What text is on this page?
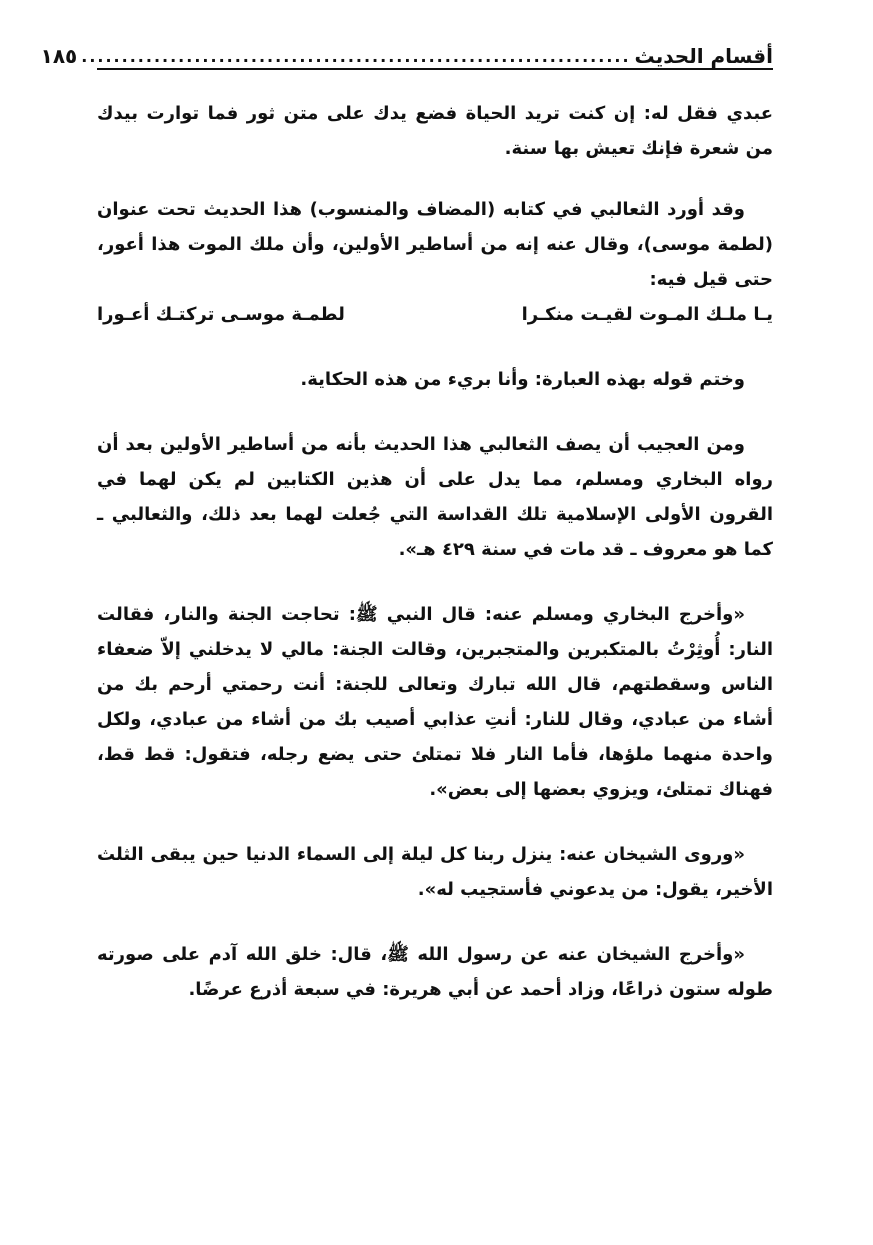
أقسام الحديث
....................................................................
١٨٥

عبدي فقل له: إن كنت تريد الحياة فضع يدك على متن ثور فما توارت بيدك من شعرة فإنك تعيش بها سنة.

وقد أورد الثعالبي في كتابه (المضاف والمنسوب) هذا الحديث تحت عنوان (لطمة موسى)، وقال عنه إنه من أساطير الأولين، وأن ملك الموت هذا أعور، حتى قيل فيه:

يـا ملـك المـوت لقيـت منكـرا
لطمـة موسـى تركتـك أعـورا

وختم قوله بهذه العبارة: وأنا بريء من هذه الحكاية.

ومن العجيب أن يصف الثعالبي هذا الحديث بأنه من أساطير الأولين بعد أن رواه البخاري ومسلم، مما يدل على أن هذين الكتابين لم يكن لهما في القرون الأولى الإسلامية تلك القداسة التي جُعلت لهما بعد ذلك، والثعالبي ـ كما هو معروف ـ قد مات في سنة ٤٢٩ هـ».

«وأخرج البخاري ومسلم عنه: قال النبي ﷺ: تحاجت الجنة والنار، فقالت النار: أُوثِرْتُ بالمتكبرين والمتجبرين، وقالت الجنة: مالي لا يدخلني إلاّ ضعفاء الناس وسقطتهم، قال الله تبارك وتعالى للجنة: أنت رحمتي أرحم بك من أشاء من عبادي، وقال للنار: أنتِ عذابي أصيب بك من أشاء من عبادي، ولكل واحدة منهما ملؤها، فأما النار فلا تمتلئ حتى يضع رجله، فتقول: قط قط، فهناك تمتلئ، ويزوي بعضها إلى بعض».

«وروى الشيخان عنه: ينزل ربنا كل ليلة إلى السماء الدنيا حين يبقى الثلث الأخير، يقول: من يدعوني فأستجيب له».

«وأخرج الشيخان عنه عن رسول الله ﷺ، قال: خلق الله آدم على صورته طوله ستون ذراعًا، وزاد أحمد عن أبي هريرة: في سبعة أذرع عرضًا.
